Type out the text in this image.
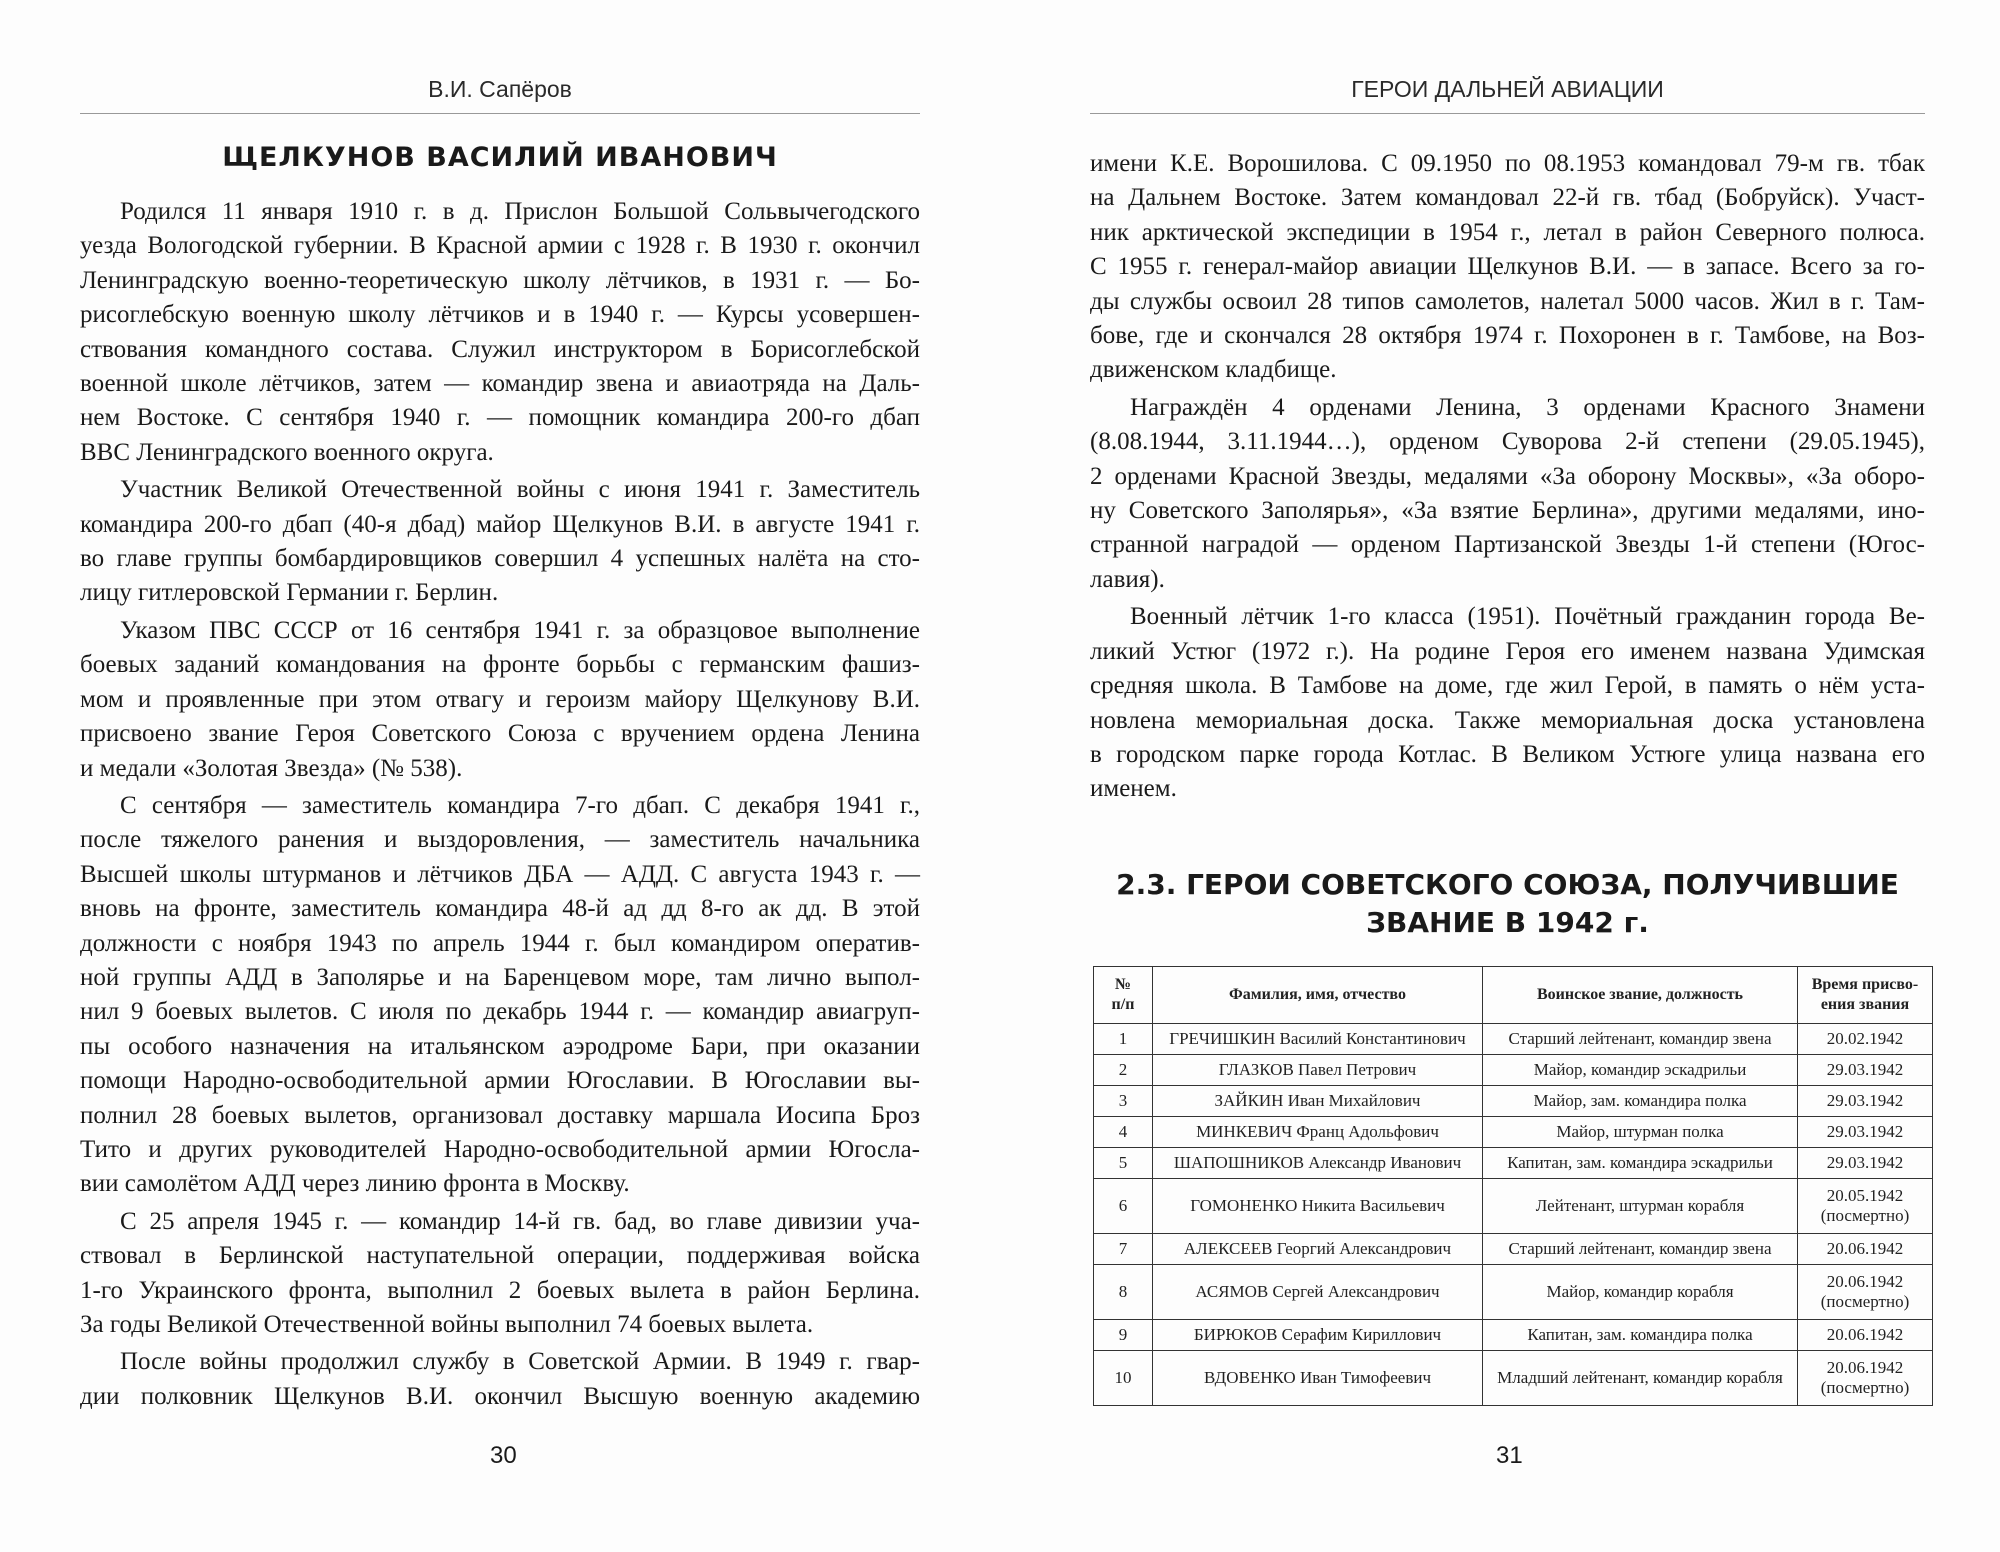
В.И. Сапёров
ЩЕЛКУНОВ ВАСИЛИЙ ИВАНОВИЧ
Родился 11 января 1910 г. в д. Прислон Большой Сольвычегодского
уезда Вологодской губернии. В Красной армии с 1928 г. В 1930 г. окончил
Ленинградскую военно-теоретическую школу лётчиков, в 1931 г. — Бо-
рисоглебскую военную школу лётчиков и в 1940 г. — Курсы усовершен-
ствования командного состава. Служил инструктором в Борисоглебской
военной школе лётчиков, затем — командир звена и авиаотряда на Даль-
нем Востоке. С сентября 1940 г. — помощник командира 200-го дбап
ВВС Ленинградского военного округа.
Участник Великой Отечественной войны с июня 1941 г. Заместитель
командира 200-го дбап (40-я дбад) майор Щелкунов В.И. в августе 1941 г.
во главе группы бомбардировщиков совершил 4 успешных налёта на сто-
лицу гитлеровской Германии г. Берлин.
Указом ПВС СССР от 16 сентября 1941 г. за образцовое выполнение
боевых заданий командования на фронте борьбы с германским фашиз-
мом и проявленные при этом отвагу и героизм майору Щелкунову В.И.
присвоено звание Героя Советского Союза с вручением ордена Ленина
и медали «Золотая Звезда» (№ 538).
С сентября — заместитель командира 7-го дбап. С декабря 1941 г.,
после тяжелого ранения и выздоровления, — заместитель начальника
Высшей школы штурманов и лётчиков ДБА — АДД. С августа 1943 г. —
вновь на фронте, заместитель командира 48-й ад дд 8-го ак дд. В этой
должности с ноября 1943 по апрель 1944 г. был командиром оператив-
ной группы АДД в Заполярье и на Баренцевом море, там лично выпол-
нил 9 боевых вылетов. С июля по декабрь 1944 г. — командир авиагруп-
пы особого назначения на итальянском аэродроме Бари, при оказании
помощи Народно-освободительной армии Югославии. В Югославии вы-
полнил 28 боевых вылетов, организовал доставку маршала Иосипа Броз
Тито и других руководителей Народно-освободительной армии Югосла-
вии самолётом АДД через линию фронта в Москву.
С 25 апреля 1945 г. — командир 14-й гв. бад, во главе дивизии уча-
ствовал в Берлинской наступательной операции, поддерживая войска
1-го Украинского фронта, выполнил 2 боевых вылета в район Берлина.
За годы Великой Отечественной войны выполнил 74 боевых вылета.
После войны продолжил службу в Советской Армии. В 1949 г. гвар-
дии полковник Щелкунов В.И. окончил Высшую военную академию
30
ГЕРОИ ДАЛЬНЕЙ АВИАЦИИ
имени К.Е. Ворошилова. С 09.1950 по 08.1953 командовал 79-м гв. тбак
на Дальнем Востоке. Затем командовал 22-й гв. тбад (Бобруйск). Участ-
ник арктической экспедиции в 1954 г., летал в район Северного полюса.
С 1955 г. генерал-майор авиации Щелкунов В.И. — в запасе. Всего за го-
ды службы освоил 28 типов самолетов, налетал 5000 часов. Жил в г. Там-
бове, где и скончался 28 октября 1974 г. Похоронен в г. Тамбове, на Воз-
движенском кладбище.
Награждён 4 орденами Ленина, 3 орденами Красного Знамени
(8.08.1944, 3.11.1944…), орденом Суворова 2-й степени (29.05.1945),
2 орденами Красной Звезды, медалями «За оборону Москвы», «За оборо-
ну Советского Заполярья», «За взятие Берлина», другими медалями, ино-
странной наградой — орденом Партизанской Звезды 1-й степени (Югос-
лавия).
Военный лётчик 1-го класса (1951). Почётный гражданин города Ве-
ликий Устюг (1972 г.). На родине Героя его именем названа Удимская
средняя школа. В Тамбове на доме, где жил Герой, в память о нём уста-
новлена мемориальная доска. Также мемориальная доска установлена
в городском парке города Котлас. В Великом Устюге улица названа его
именем.
2.3. ГЕРОИ СОВЕТСКОГО СОЮЗА, ПОЛУЧИВШИЕ
ЗВАНИЕ В 1942 г.
№
п/п	Фамилия, имя, отчество	Воинское звание, должность	Время присво-
ения звания
1	ГРЕЧИШКИН Василий Константинович	Старший лейтенант, командир звена	20.02.1942

2	ГЛАЗКОВ Павел Петрович	Майор, командир эскадрильи	29.03.1942

3	ЗАЙКИН Иван Михайлович	Майор, зам. командира полка	29.03.1942

4	МИНКЕВИЧ Франц Адольфович	Майор, штурман полка	29.03.1942

5	ШАПОШНИКОВ Александр Иванович	Капитан, зам. командира эскадрильи	29.03.1942

6	ГОМОНЕНКО Никита Васильевич	Лейтенант, штурман корабля	20.05.1942
(посмертно)

7	АЛЕКСЕЕВ Георгий Александрович	Старший лейтенант, командир звена	20.06.1942

8	АСЯМОВ Сергей Александрович	Майор, командир корабля	20.06.1942
(посмертно)

9	БИРЮКОВ Серафим Кириллович	Капитан, зам. командира полка	20.06.1942

10	ВДОВЕНКО Иван Тимофеевич	Младший лейтенант, командир корабля	20.06.1942
(посмертно)
31
